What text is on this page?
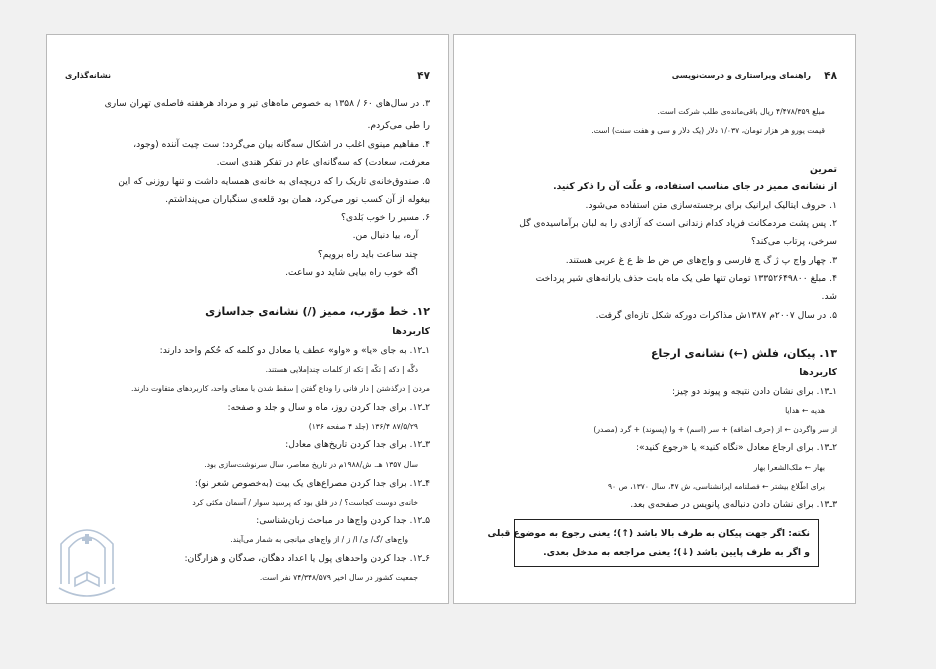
۴۷
نشانه‌گذاری
۳. در سال‌های ۶۰ / ۱۳۵۸ به خصوص ماه‌های تیر و مرداد هرهفته فاصله‌ی تهران ساری
را طی می‌کردم.
۴. مفاهیم مینوی اغلب در اشکال سه‌گانه بیان می‌گردد: ست چیت آننده (وجود،
معرفت، سعادت) که سه‌گانه‌ای عام در تفکر هندی است.
۵. صندوق‌خانه‌ی تاریک را که دریچه‌ای به خانه‌ی همسایه داشت و تنها روزنی که این
بیغوله از آن کسب نور می‌کرد، همان بود قلعه‌ی سنگباران می‌پنداشتم.
۶. مسیر را خوب بَلدی؟
آره، بیا دنبال من.
چند ساعت باید راه برویم؟
اگه خوب راه بیایی شاید دو ساعت.
۱۲. خط موّرب، ممیز (/) نشانه‌ی جداسازی
کاربردها
۱ـ۱۲. به جای «یا» و «واو» عطف یا معادل دو کلمه که حُکم واحد دارند:
دگّه | دکه | تکّه | تکه از کلمات چندإملایی هستند.
مردن | درگذشتن | دار فانی را وداع گفتن | سقط شدن با معنای واحد، کاربردهای متفاوت دارند.
۲ـ۱۲. برای جدا کردن روز، ماه و سال و جلد و صفحه:
۸۷/۵/۲۹ ۱۳۶/۴ (جلد ۴ صفحه ۱۳۶)
۳ـ۱۲. برای جدا کردن تاریخ‌های معادل:
سال ۱۳۵۷ هـ. ش/۱۹۸۸م در تاریخ معاصر، سال سرنوشت‌سازی بود.
۴ـ۱۲. برای جدا کردن مصراع‌های یک بیت (به‌خصوص شعر نو):
خانه‌ی دوست کجاست؟ / در فلق بود که پرسید سوار / آسمان مکثی کرد
۵ـ۱۲. جدا کردن واج‌ها در مباحث زبان‌شناسی:
واج‌های /گ/ ی/ ا/ ز / از واج‌های میانجی به شمار می‌آیند.
۶ـ۱۲. جدا کردن واحدهای پول یا اعداد دهگان، صدگان و هزارگان:
جمعیت کشور در سال اخیر ۷۴/۳۴۸/۵۷۹ نفر است.
۴۸
راهنمای ویراستاری و درست‌نویسی
مبلغ ۴/۴۷۸/۳۵۹ ریال باقی‌مانده‌ی طلب شرکت است.
قیمت یورو هر هزار تومان، ۱/۰۳۷ دلار (یک دلار و سی و هفت سنت) است.
تمرین
از نشانه‌ی ممیز در جای مناسب استفاده، و علّت آن را ذکر کنید.
۱. حروف ایتالیک ایرانیک برای برجسته‌سازی متن استفاده می‌شود.
۲. پس پشت مردمکانت فریاد کدام زندانی است که آزادی را به لبان برآماسیده‌ی گل
سرخی، پرتاب می‌کند؟
۳. چهار واج پ ژ گ چ فارسی و واج‌های ص ض ط ظ ع غ عربی هستند.
۴. مبلغ ۱۳۳۵۲۶۴۹۸۰۰ تومان تنها طی یک ماه بابت حذف یارانه‌های شیر پرداخت
شد.
۵. در سال ۲۰۰۷م ۱۳۸۷ش مذاکرات دورکه شکل تازه‌ای گرفت.
۱۳. پیکان، فلش (←) نشانه‌ی ارجاع
کاربردها
۱ـ۱۳. برای نشان دادن نتیجه و پیوند دو چیز:
هدیه ← هدایا
از سر واگردن ← از (حرف اضافه) + سر (اسم) + وا (پسوند) + گرد (مصدر)
۲ـ۱۳. برای ارجاع معادل «نگاه کنید» یا «رجوع کنید»:
بهار ← ملک‌الشعرا بهار
برای اطّلاع بیشتر ← فصلنامه ایرانشناسی، ش ۴۷، سال ۱۳۷۰، ص ۹۰
۳ـ۱۳. برای نشان دادن دنباله‌ی پانویس در صفحه‌ی بعد.
نکته: اگر جهت پیکان به طرف بالا باشد (↑)؛ یعنی رجوع به موضوع قبلی
و اگر به طرف پایین باشد (↓)؛ یعنی مراجعه به مدخل بعدی.
